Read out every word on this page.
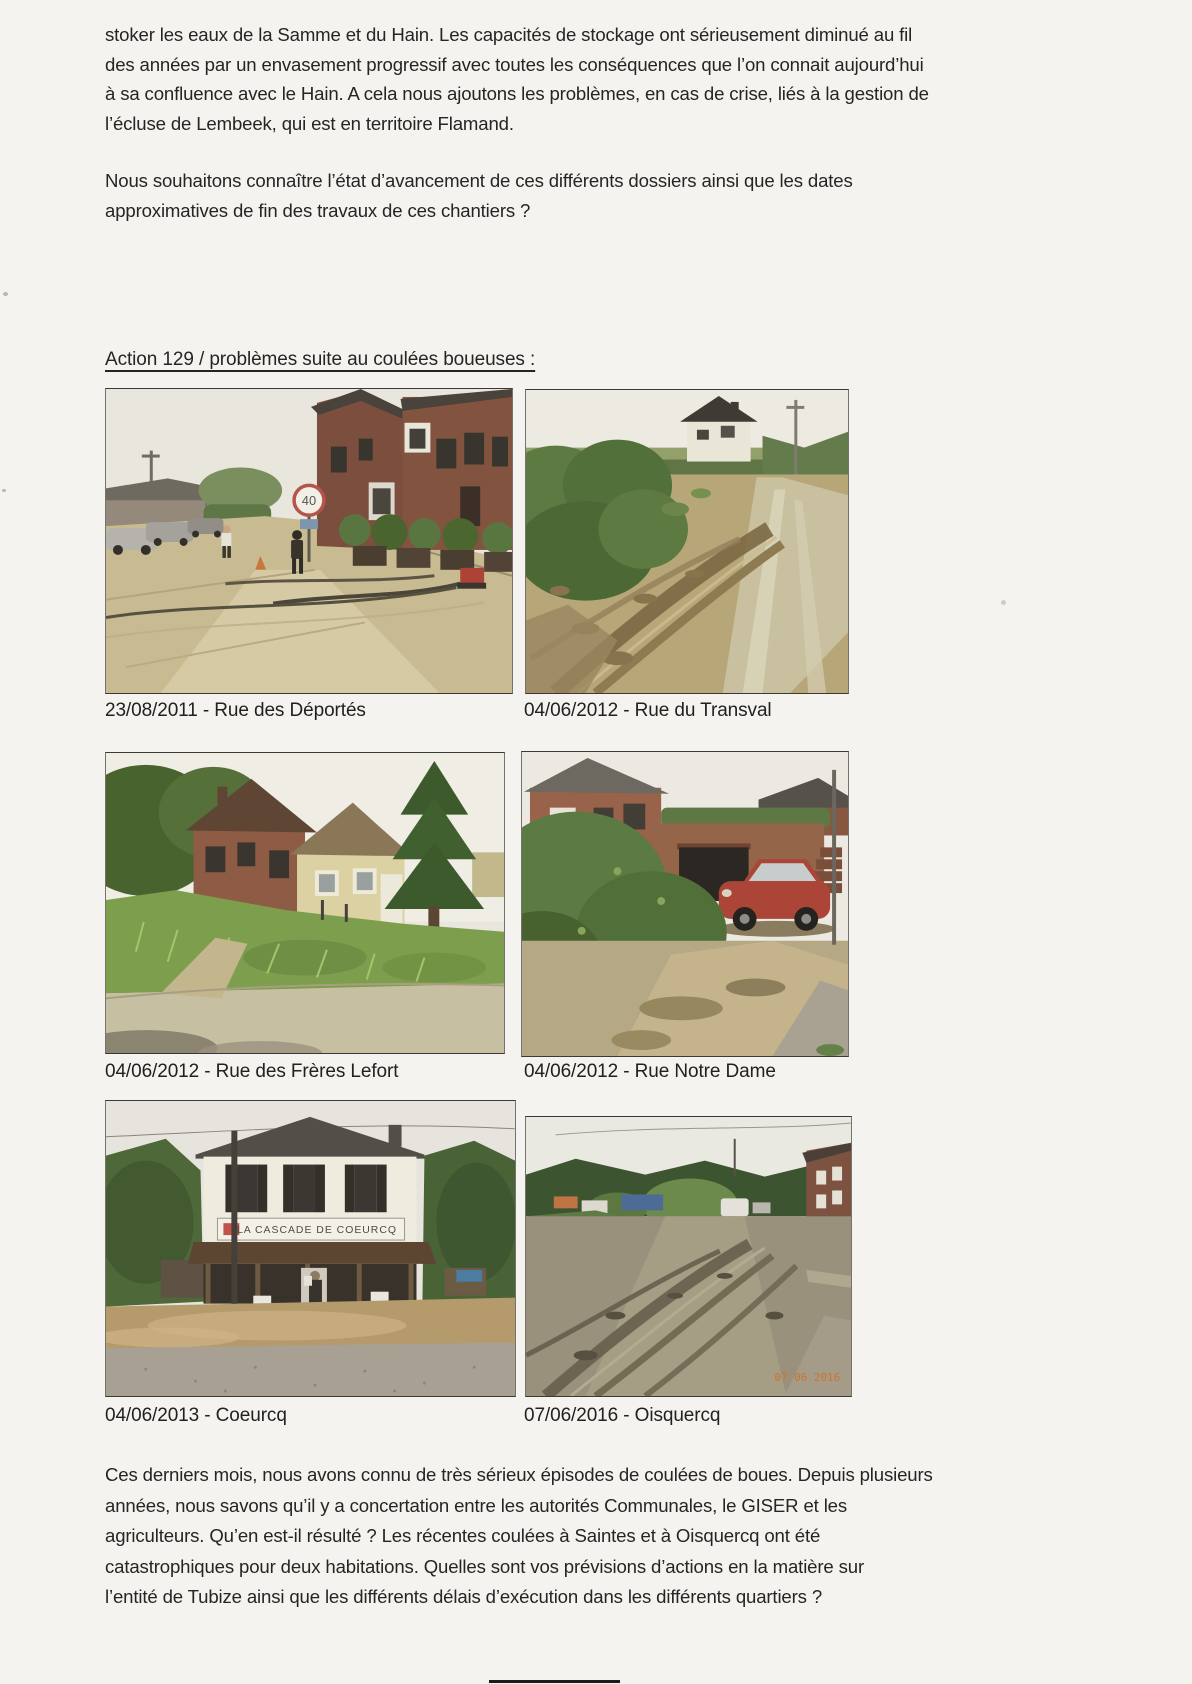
stoker les eaux de la Samme et du Hain. Les capacités de stockage ont sérieusement diminué au fil
des années par un envasement progressif avec toutes les conséquences que l’on connait aujourd’hui
à sa confluence avec le Hain. A cela nous ajoutons les problèmes, en cas de crise, liés à la gestion de
l’écluse de Lembeek, qui est en territoire Flamand.
Nous souhaitons connaître l’état d’avancement de ces différents dossiers ainsi que les dates
approximatives de fin des travaux de ces chantiers ?
Action 129 / problèmes suite au coulées boueuses :
40
LA CASCADE DE COEURCQ
07 06 2016
23/08/2011 - Rue des Déportés	04/06/2012 - Rue du Transval
04/06/2012 - Rue des Frères Lefort	04/06/2012 - Rue Notre Dame
04/06/2013 - Coeurcq	07/06/2016 - Oisquercq
Ces derniers mois, nous avons connu de très sérieux épisodes de coulées de boues. Depuis plusieurs
années, nous savons qu’il y a concertation entre les autorités Communales, le GISER et les
agriculteurs. Qu’en est-il résulté ? Les récentes coulées à Saintes et à Oisquercq ont été
catastrophiques pour deux habitations. Quelles sont vos prévisions d’actions en la matière sur
l’entité de Tubize ainsi que les différents délais d’exécution dans les différents quartiers ?
